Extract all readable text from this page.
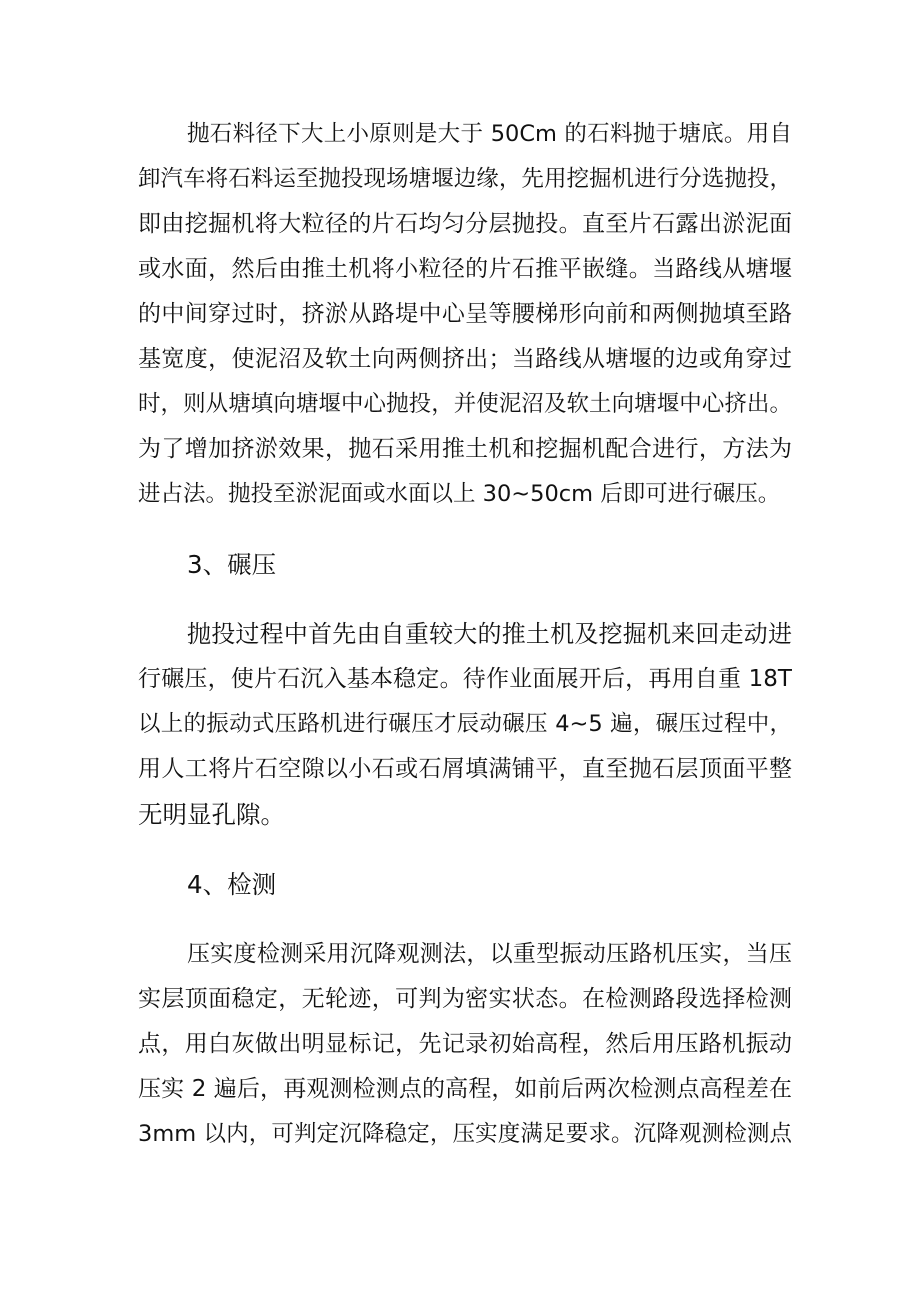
抛石料径下大上小原则是大于 50Cm 的石料抛于塘底。用自
卸汽车将石料运至抛投现场塘堰边缘，先用挖掘机进行分选抛投，
即由挖掘机将大粒径的片石均匀分层抛投。直至片石露出淤泥面
或水面，然后由推土机将小粒径的片石推平嵌缝。当路线从塘堰
的中间穿过时，挤淤从路堤中心呈等腰梯形向前和两侧抛填至路
基宽度，使泥沼及软土向两侧挤出；当路线从塘堰的边或角穿过
时，则从塘填向塘堰中心抛投，并使泥沼及软土向塘堰中心挤出。
为了增加挤淤效果，抛石采用推土机和挖掘机配合进行，方法为
进占法。抛投至淤泥面或水面以上 30~50cm 后即可进行碾压。
3、碾压
抛投过程中首先由自重较大的推土机及挖掘机来回走动进
行碾压，使片石沉入基本稳定。待作业面展开后，再用自重 18T
以上的振动式压路机进行碾压才辰动碾压 4~5 遍，碾压过程中，
用人工将片石空隙以小石或石屑填满铺平，直至抛石层顶面平整
无明显孔隙。
4、检测
压实度检测采用沉降观测法，以重型振动压路机压实，当压
实层顶面稳定，无轮迹，可判为密实状态。在检测路段选择检测
点，用白灰做出明显标记，先记录初始高程，然后用压路机振动
压实 2 遍后，再观测检测点的高程，如前后两次检测点高程差在
3mm 以内，可判定沉降稳定，压实度满足要求。沉降观测检测点
